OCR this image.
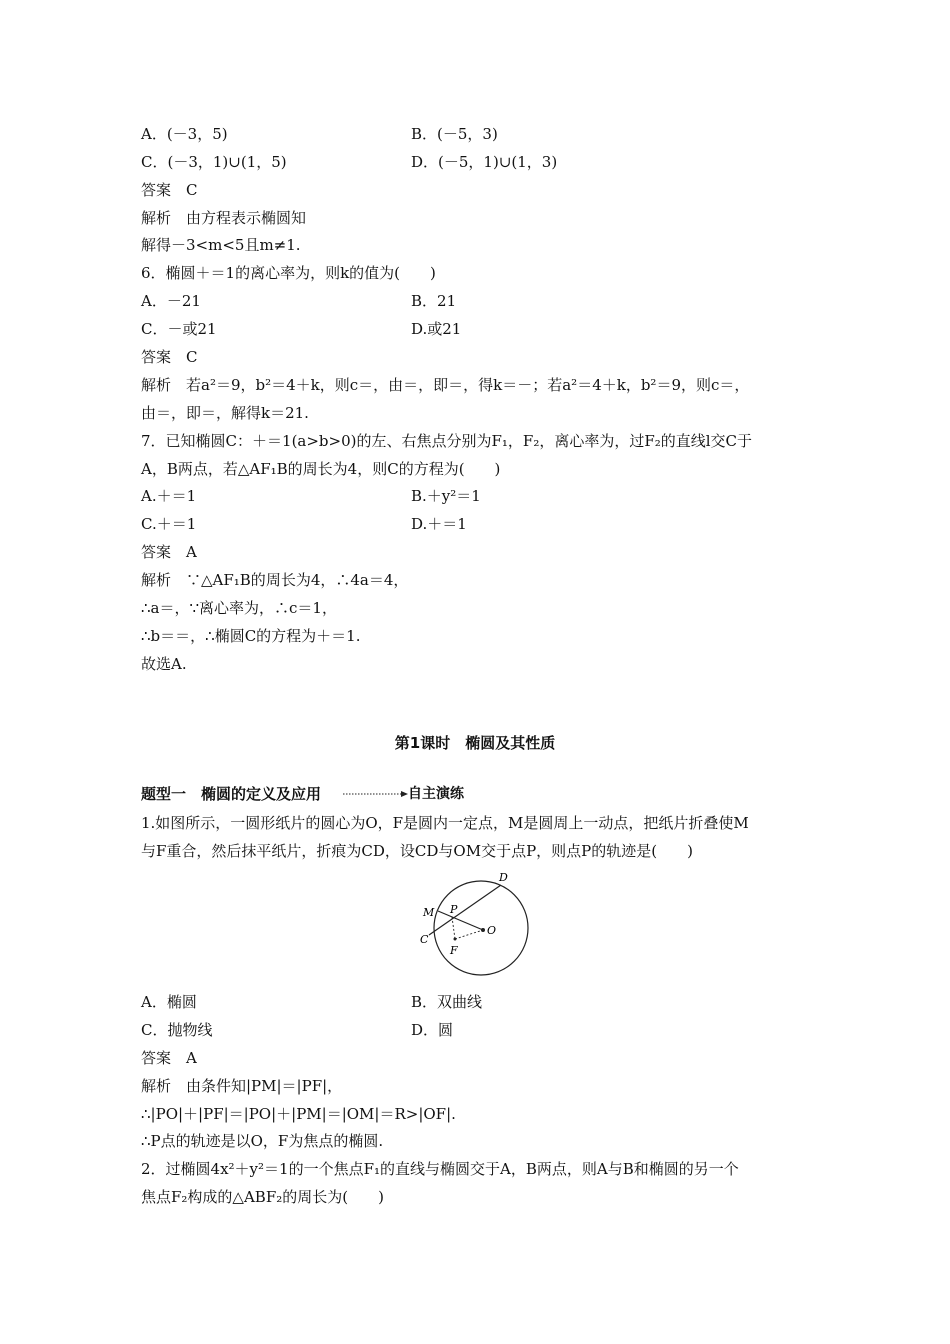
A．(－3，5)	B．(－5，3)
C．(－3，1)∪(1，5)	D．(－5，1)∪(1，3)
答案　C
解析　由方程表示椭圆知
解得－3<m<5且m≠1.
6．椭圆＋＝1的离心率为，则k的值为(　　)
A．－21	B．21
C．－或21	D.或21
答案　C
解析　若a²＝9，b²＝4＋k，则c＝，由＝，即＝，得k＝－；若a²＝4＋k，b²＝9，则c＝，
由＝，即＝，解得k＝21.
7．已知椭圆C：＋＝1(a>b>0)的左、右焦点分别为F₁，F₂，离心率为，过F₂的直线l交C于
A，B两点，若△AF₁B的周长为4，则C的方程为(　　)
A.＋＝1	B.＋y²＝1
C.＋＝1	D.＋＝1
答案　A
解析　∵△AF₁B的周长为4，∴4a＝4，
∴a＝，∵离心率为，∴c＝1，
∴b＝＝，∴椭圆C的方程为＋＝1.
故选A.
1.如图所示，一圆形纸片的圆心为O，F是圆内一定点，M是圆周上一动点，把纸片折叠使M
与F重合，然后抹平纸片，折痕为CD，设CD与OM交于点P，则点P的轨迹是(　　)
A．椭圆	B．双曲线
C．抛物线	D．圆
答案　A
解析　由条件知|PM|＝|PF|，
∴|PO|＋|PF|＝|PO|＋|PM|＝|OM|＝R>|OF|.
∴P点的轨迹是以O，F为焦点的椭圆.
2．过椭圆4x²＋y²＝1的一个焦点F₁的直线与椭圆交于A，B两点，则A与B和椭圆的另一个
焦点F₂构成的△ABF₂的周长为(　　)
第1课时　椭圆及其性质
题型一　椭圆的定义及应用	自主演练
D
M P
C
O
F
